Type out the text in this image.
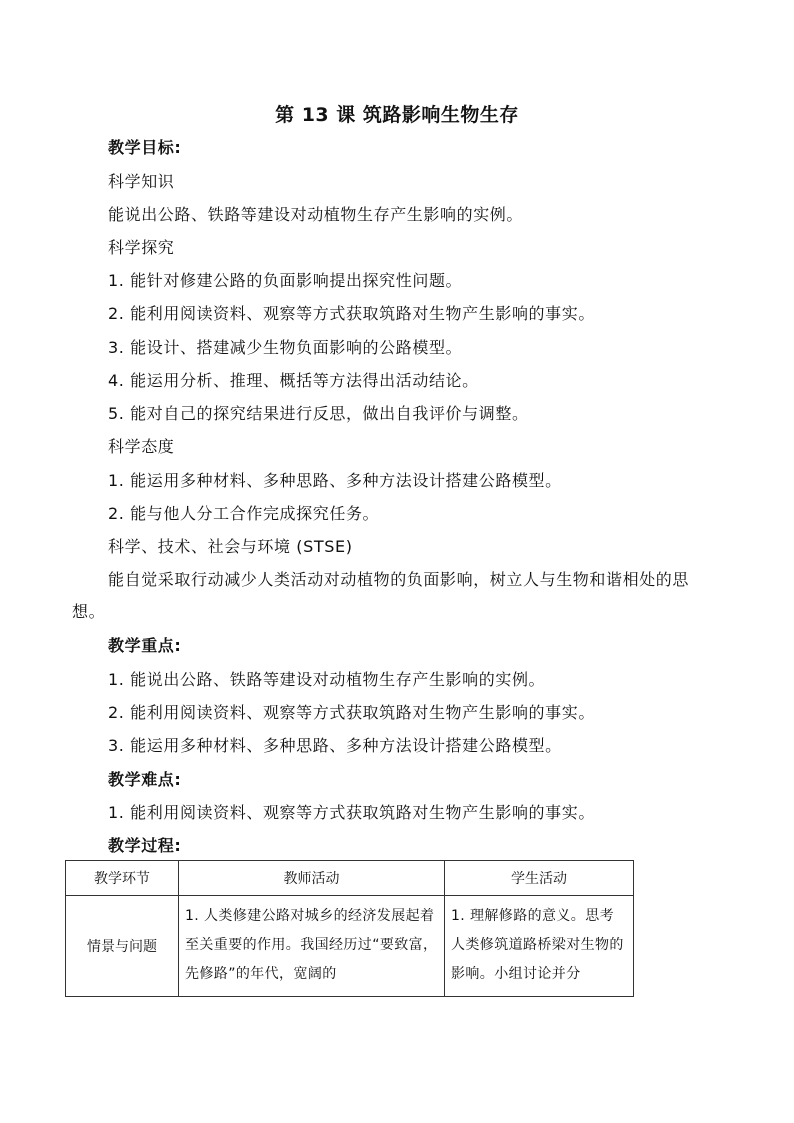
第 13 课 筑路影响生物生存
教学目标:
科学知识
能说出公路、铁路等建设对动植物生存产生影响的实例。
科学探究
1. 能针对修建公路的负面影响提出探究性问题。
2. 能利用阅读资料、观察等方式获取筑路对生物产生影响的事实。
3. 能设计、搭建减少生物负面影响的公路模型。
4. 能运用分析、推理、概括等方法得出活动结论。
5. 能对自己的探究结果进行反思，做出自我评价与调整。
科学态度
1. 能运用多种材料、多种思路、多种方法设计搭建公路模型。
2. 能与他人分工合作完成探究任务。
科学、技术、社会与环境 (STSE)
能自觉采取行动减少人类活动对动植物的负面影响，树立人与生物和谐相处的思想。
教学重点:
1. 能说出公路、铁路等建设对动植物生存产生影响的实例。
2. 能利用阅读资料、观察等方式获取筑路对生物产生影响的事实。
3. 能运用多种材料、多种思路、多种方法设计搭建公路模型。
教学难点:
1. 能利用阅读资料、观察等方式获取筑路对生物产生影响的事实。
教学过程:
教学环节	教师活动	学生活动
情景与问题	1. 人类修建公路对城乡的经济发展起着至关重要的作用。我国经历过“要致富，先修路”的年代，宽阔的	1. 理解修路的意义。思考人类修筑道路桥梁对生物的影响。小组讨论并分
